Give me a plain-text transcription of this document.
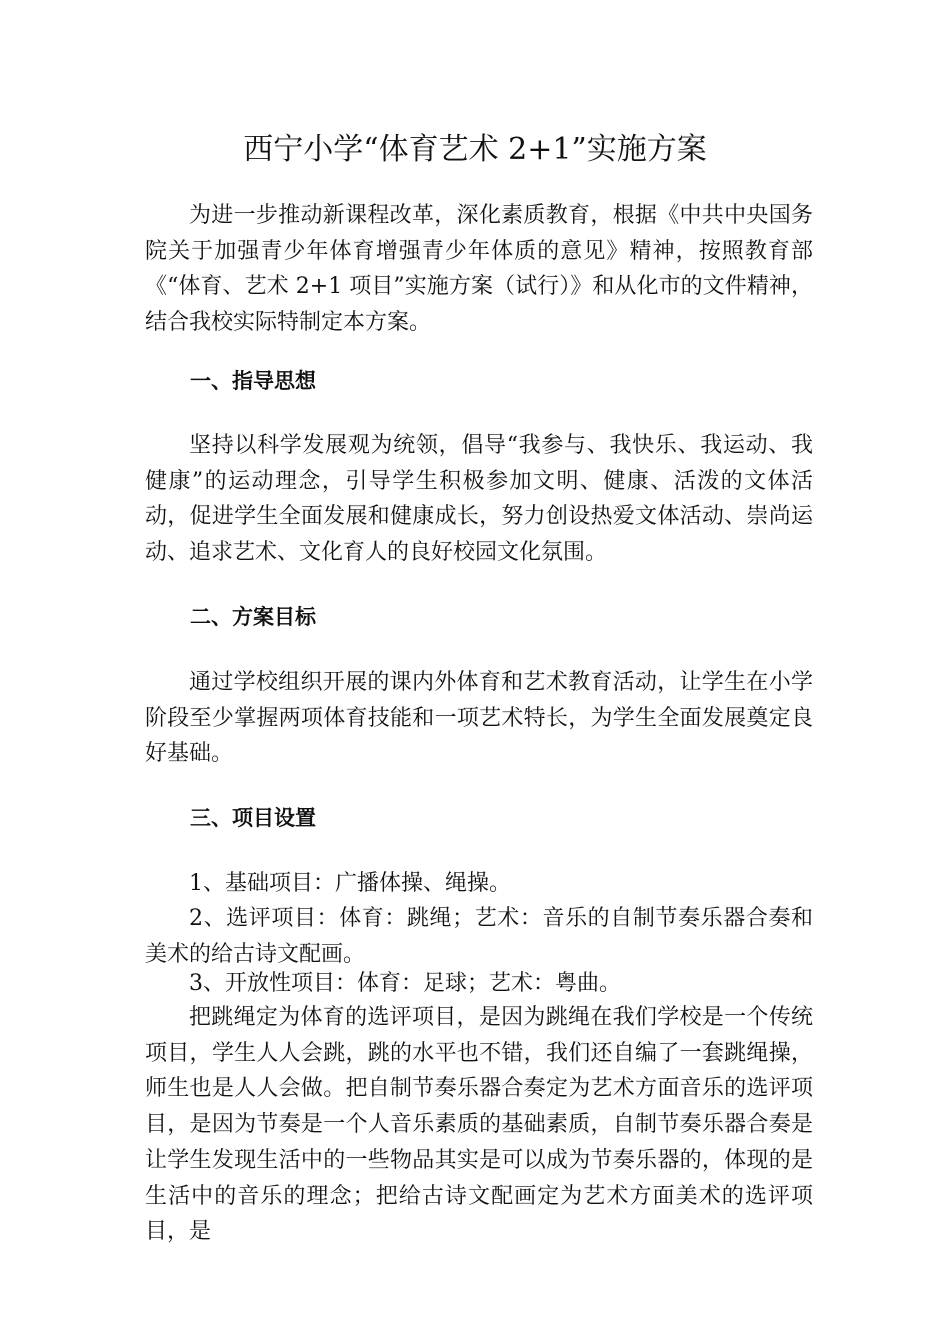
西宁小学“体育艺术 2+1”实施方案

为进一步推动新课程改革，深化素质教育，根据《中共中央国务院关于加强青少年体育增强青少年体质的意见》精神，按照教育部《“体育、艺术 2+1 项目”实施方案（试行）》和从化市的文件精神，结合我校实际特制定本方案。

一、指导思想

坚持以科学发展观为统领，倡导“我参与、我快乐、我运动、我健康”的运动理念，引导学生积极参加文明、健康、活泼的文体活动，促进学生全面发展和健康成长，努力创设热爱文体活动、崇尚运动、追求艺术、文化育人的良好校园文化氛围。

二、方案目标

通过学校组织开展的课内外体育和艺术教育活动，让学生在小学阶段至少掌握两项体育技能和一项艺术特长，为学生全面发展奠定良好基础。

三、项目设置

1、基础项目：广播体操、绳操。

2、选评项目：体育：跳绳；艺术：音乐的自制节奏乐器合奏和美术的给古诗文配画。

3、开放性项目：体育：足球；艺术：粤曲。

把跳绳定为体育的选评项目，是因为跳绳在我们学校是一个传统项目，学生人人会跳，跳的水平也不错，我们还自编了一套跳绳操，师生也是人人会做。把自制节奏乐器合奏定为艺术方面音乐的选评项目，是因为节奏是一个人音乐素质的基础素质，自制节奏乐器合奏是让学生发现生活中的一些物品其实是可以成为节奏乐器的，体现的是生活中的音乐的理念；把给古诗文配画定为艺术方面美术的选评项目，是
